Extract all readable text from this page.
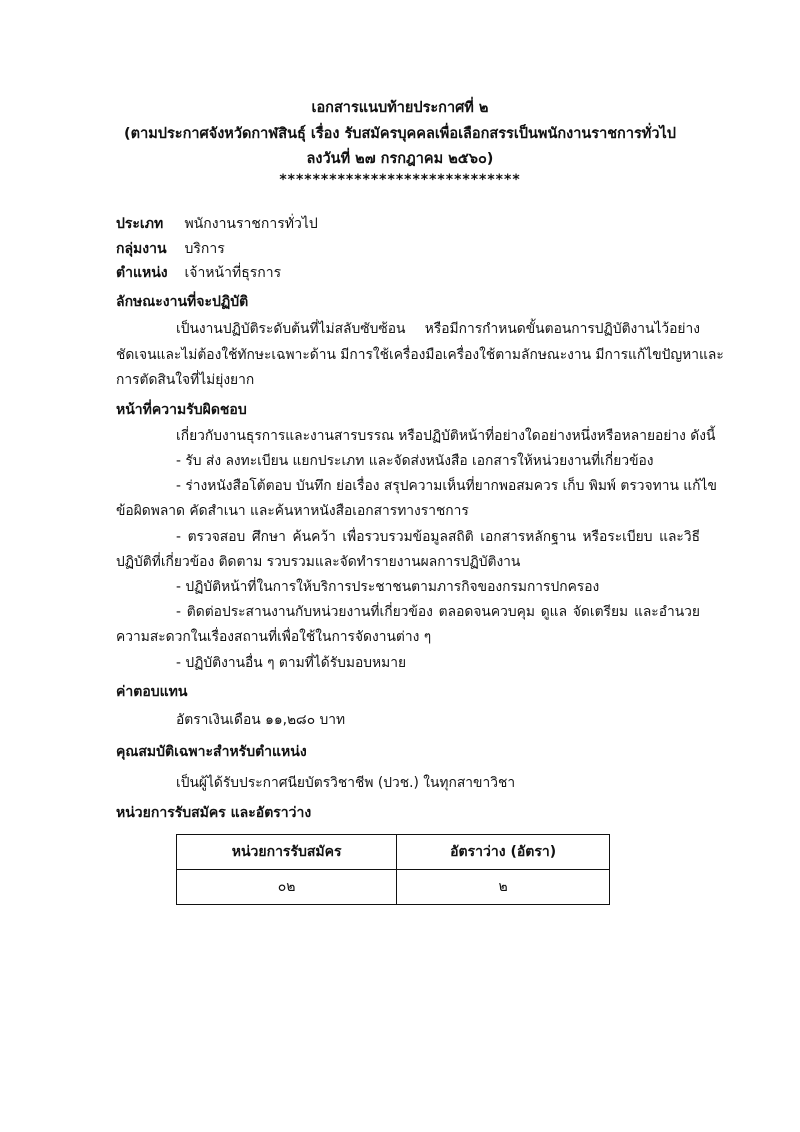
เอกสารแนบท้ายประกาศที่ ๒
(ตามประกาศจังหวัดกาฬสินธุ์ เรื่อง รับสมัครบุคคลเพื่อเลือกสรรเป็นพนักงานราชการทั่วไป
ลงวันที่ ๒๗ กรกฎาคม ๒๕๖๐)
*****************************
ประเภท พนักงานราชการทั่วไป
กลุ่มงาน บริการ
ตำแหน่ง เจ้าหน้าที่ธุรการ
ลักษณะงานที่จะปฏิบัติ
เป็นงานปฏิบัติระดับต้นที่ไม่สลับซับซ้อน หรือมีการกำหนดขั้นตอนการปฏิบัติงานไว้อย่าง
ชัดเจนและไม่ต้องใช้ทักษะเฉพาะด้าน มีการใช้เครื่องมือเครื่องใช้ตามลักษณะงาน มีการแก้ไขปัญหาและ
การตัดสินใจที่ไม่ยุ่งยาก
หน้าที่ความรับผิดชอบ
เกี่ยวกับงานธุรการและงานสารบรรณ หรือปฏิบัติหน้าที่อย่างใดอย่างหนึ่งหรือหลายอย่าง ดังนี้
- รับ ส่ง ลงทะเบียน แยกประเภท และจัดส่งหนังสือ เอกสารให้หน่วยงานที่เกี่ยวข้อง
- ร่างหนังสือโต้ตอบ บันทึก ย่อเรื่อง สรุปความเห็นที่ยากพอสมควร เก็บ พิมพ์ ตรวจทาน แก้ไข
ข้อผิดพลาด คัดสำเนา และค้นหาหนังสือเอกสารทางราชการ
- ตรวจสอบ ศึกษา ค้นคว้า เพื่อรวบรวมข้อมูลสถิติ เอกสารหลักฐาน หรือระเบียบ และวิธี
ปฏิบัติที่เกี่ยวข้อง ติดตาม รวบรวมและจัดทำรายงานผลการปฏิบัติงาน
- ปฏิบัติหน้าที่ในการให้บริการประชาชนตามภารกิจของกรมการปกครอง
- ติดต่อประสานงานกับหน่วยงานที่เกี่ยวข้อง ตลอดจนควบคุม ดูแล จัดเตรียม และอำนวย
ความสะดวกในเรื่องสถานที่เพื่อใช้ในการจัดงานต่าง ๆ
- ปฏิบัติงานอื่น ๆ ตามที่ได้รับมอบหมาย
ค่าตอบแทน
อัตราเงินเดือน ๑๑,๒๘๐ บาท
คุณสมบัติเฉพาะสำหรับตำแหน่ง
เป็นผู้ได้รับประกาศนียบัตรวิชาชีพ (ปวช.) ในทุกสาขาวิชา
หน่วยการรับสมัคร และอัตราว่าง
หน่วยการรับสมัคร	อัตราว่าง (อัตรา)
๐๒	๒
